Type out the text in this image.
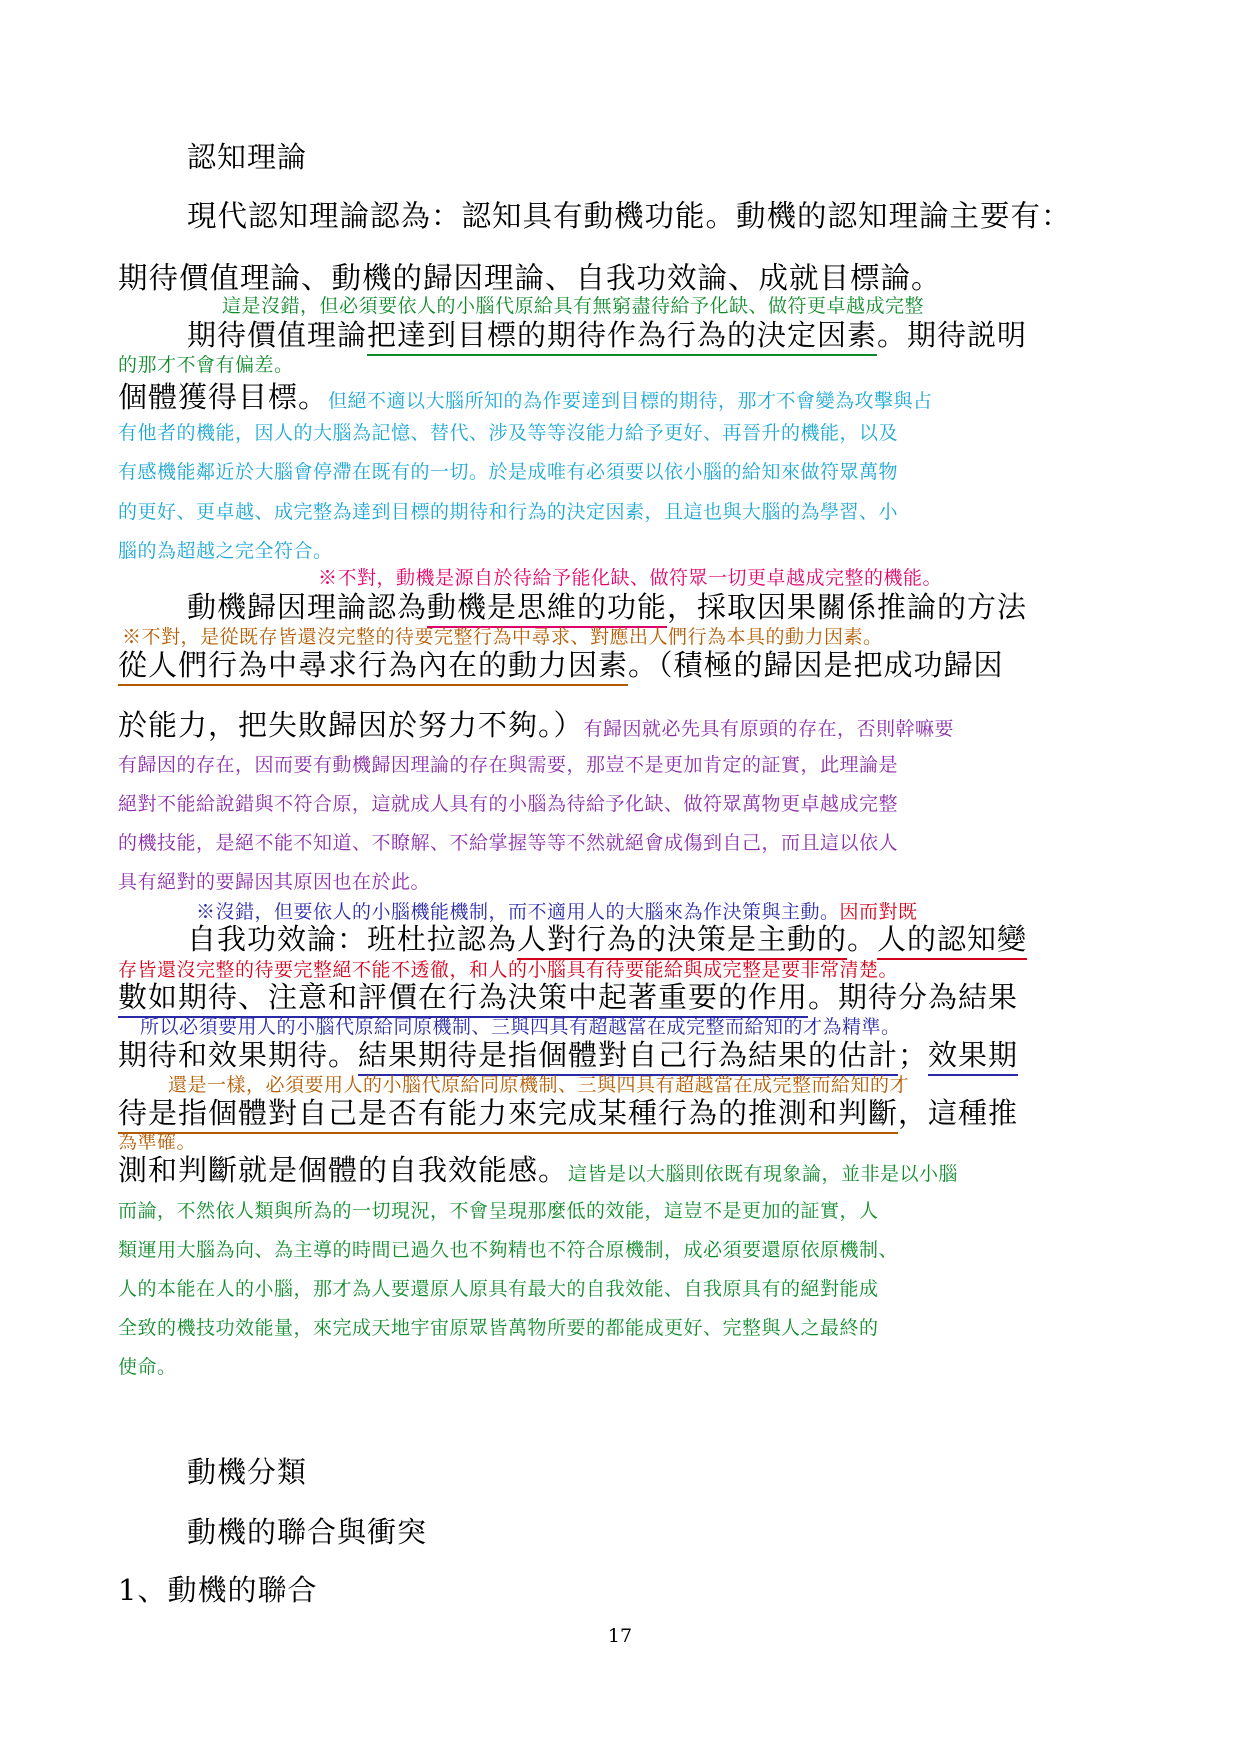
認知理論
現代認知理論認為：認知具有動機功能。動機的認知理論主要有：
期待價值理論、動機的歸因理論、自我功效論、成就目標論。
這是沒錯，但必須要依人的小腦代原給具有無窮盡待給予化缺、做符更卓越成完整
期待價值理論把達到目標的期待作為行為的決定因素。期待説明
的那才不會有偏差。
個體獲得目標。但絕不適以大腦所知的為作要達到目標的期待，那才不會變為攻擊與占
有他者的機能，因人的大腦為記憶、替代、涉及等等沒能力給予更好、再晉升的機能，以及
有感機能鄰近於大腦會停滯在既有的一切。於是成唯有必須要以依小腦的給知來做符眾萬物
的更好、更卓越、成完整為達到目標的期待和行為的決定因素，且這也與大腦的為學習、小
腦的為超越之完全符合。
※不對，動機是源自於待給予能化缺、做符眾一切更卓越成完整的機能。
動機歸因理論認為動機是思維的功能，採取因果關係推論的方法
※不對，是從既存皆還沒完整的待要完整行為中尋求、對應出人們行為本具的動力因素。
從人們行為中尋求行為內在的動力因素。（積極的歸因是把成功歸因
於能力，把失敗歸因於努力不夠。）有歸因就必先具有原頭的存在，否則幹嘛要
有歸因的存在，因而要有動機歸因理論的存在與需要，那豈不是更加肯定的証實，此理論是
絕對不能給說錯與不符合原，這就成人具有的小腦為待給予化缺、做符眾萬物更卓越成完整
的機技能，是絕不能不知道、不瞭解、不給掌握等等不然就絕會成傷到自己，而且這以依人
具有絕對的要歸因其原因也在於此。
※沒錯，但要依人的小腦機能機制，而不適用人的大腦來為作決策與主動。因而對既
自我功效論：班杜拉認為人對行為的決策是主動的。人的認知變
存皆還沒完整的待要完整絕不能不透徹，和人的小腦具有待要能給與成完整是要非常清楚。
數如期待、注意和評價在行為決策中起著重要的作用。期待分為結果
所以必須要用人的小腦代原給同原機制、三與四具有超越當在成完整而給知的才為精準。
期待和效果期待。結果期待是指個體對自己行為結果的估計；效果期
還是一樣，必須要用人的小腦代原給同原機制、三與四具有超越當在成完整而給知的才
待是指個體對自己是否有能力來完成某種行為的推測和判斷，這種推
為準確。
測和判斷就是個體的自我效能感。這皆是以大腦則依既有現象論，並非是以小腦
而論，不然依人類與所為的一切現況，不會呈現那麼低的效能，這豈不是更加的証實，人
類運用大腦為向、為主導的時間已過久也不夠精也不符合原機制，成必須要還原依原機制、
人的本能在人的小腦，那才為人要還原人原具有最大的自我效能、自我原具有的絕對能成
全致的機技功效能量，來完成天地宇宙原眾皆萬物所要的都能成更好、完整與人之最終的
使命。
動機分類
動機的聯合與衝突
1、動機的聯合
17
